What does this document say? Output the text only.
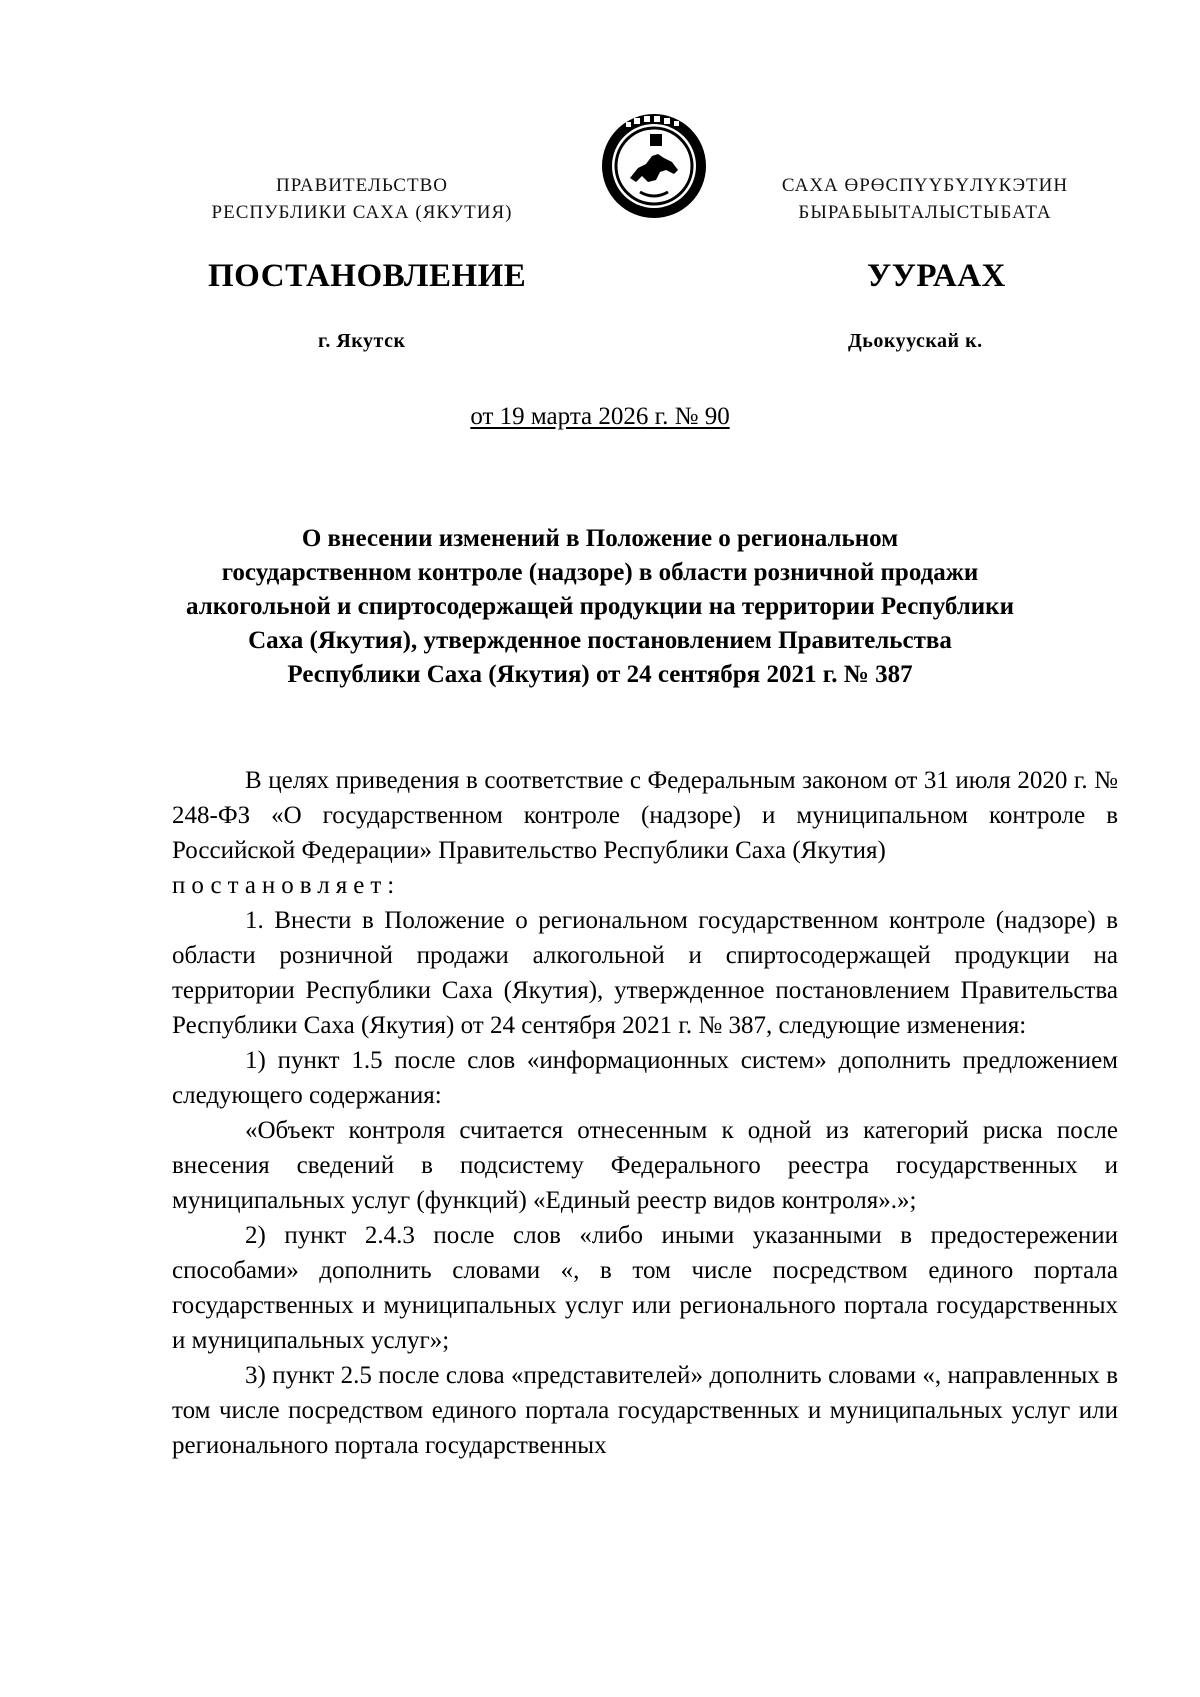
ПРАВИТЕЛЬСТВО
РЕСПУБЛИКИ САХА (ЯКУТИЯ)
САХА ӨРӨСПҮҮБҮЛҮКЭТИН
БЫРАБЫЫТАЛЫСТЫБАТА
ПОСТАНОВЛЕНИЕ	УУРААХ
г. Якутск	Дьокуускай к.
от 19 марта 2026 г. № 90
О внесении изменений в Положение о региональном
государственном контроле (надзоре) в области розничной продажи
алкогольной и спиртосодержащей продукции на территории Республики
Саха (Якутия), утвержденное постановлением Правительства
Республики Саха (Якутия) от 24 сентября 2021 г. № 387

В целях приведения в соответствие с Федеральным законом от 31 июля 2020 г. № 248-ФЗ «О государственном контроле (надзоре) и муниципальном контроле в Российской Федерации» Правительство Республики Саха (Якутия)

постановляет:

1. Внести в Положение о региональном государственном контроле (надзоре) в области розничной продажи алкогольной и спиртосодержащей продукции на территории Республики Саха (Якутия), утвержденное постановлением Правительства Республики Саха (Якутия) от 24 сентября 2021 г. № 387, следующие изменения:

1) пункт 1.5 после слов «информационных систем» дополнить предложением следующего содержания:

«Объект контроля считается отнесенным к одной из категорий риска после внесения сведений в подсистему Федерального реестра государственных и муниципальных услуг (функций) «Единый реестр видов контроля».»;

2) пункт 2.4.3 после слов «либо иными указанными в предостережении способами» дополнить словами «, в том числе посредством единого портала государственных и муниципальных услуг или регионального портала государственных и муниципальных услуг»;

3) пункт 2.5 после слова «представителей» дополнить словами «, направленных в том числе посредством единого портала государственных и муниципальных услуг или регионального портала государственных
